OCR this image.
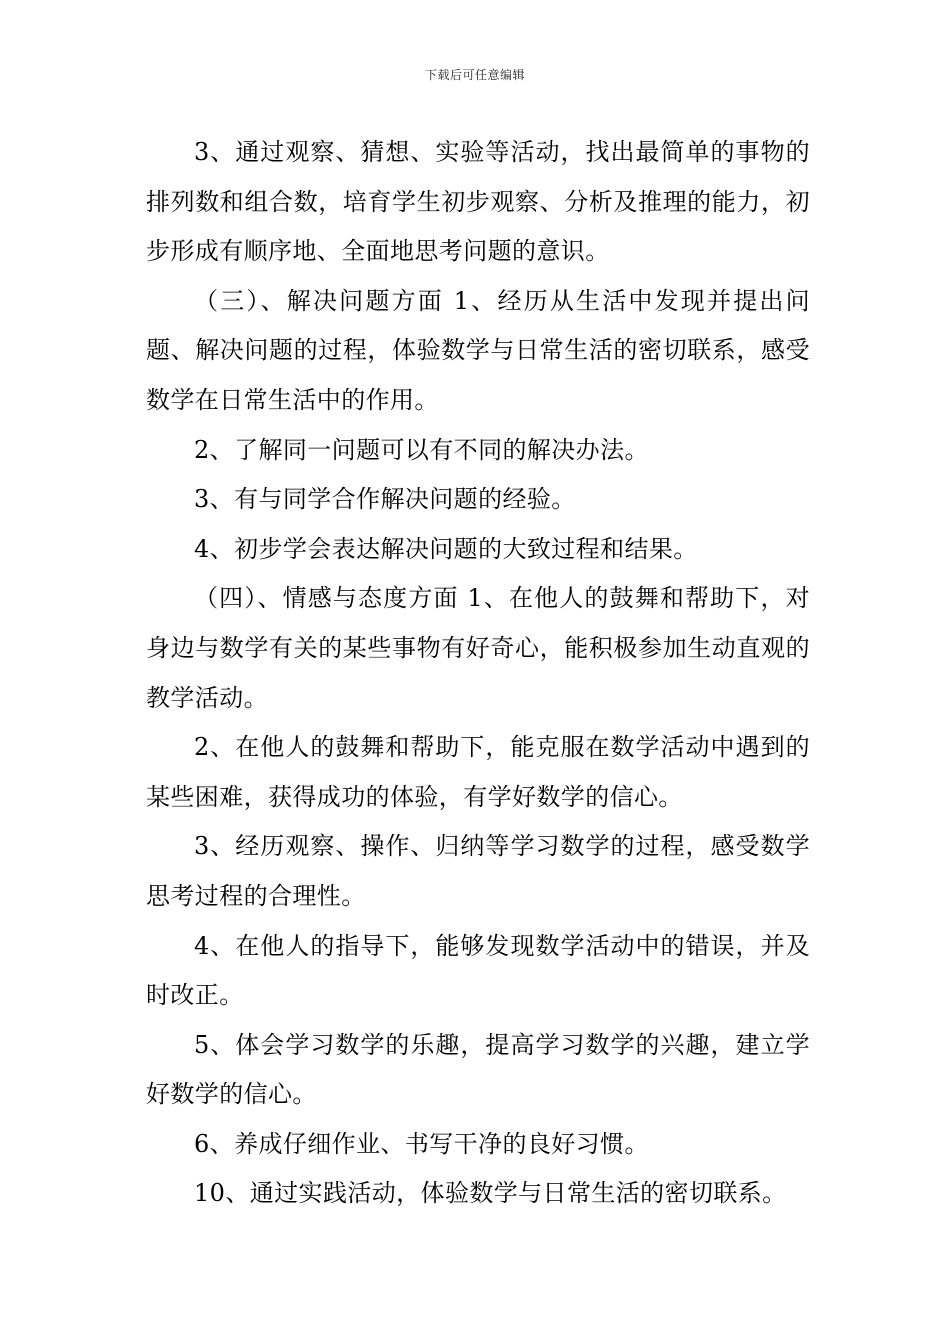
下载后可任意编辑

3、通过观察、猜想、实验等活动，找出最简单的事物的排列数和组合数，培育学生初步观察、分析及推理的能力，初步形成有顺序地、全面地思考问题的意识。

（三）、解决问题方面 1、经历从生活中发现并提出问题、解决问题的过程，体验数学与日常生活的密切联系，感受数学在日常生活中的作用。

2、了解同一问题可以有不同的解决办法。

3、有与同学合作解决问题的经验。

4、初步学会表达解决问题的大致过程和结果。

（四）、情感与态度方面 1、在他人的鼓舞和帮助下，对身边与数学有关的某些事物有好奇心，能积极参加生动直观的教学活动。

2、在他人的鼓舞和帮助下，能克服在数学活动中遇到的某些困难，获得成功的体验，有学好数学的信心。

3、经历观察、操作、归纳等学习数学的过程，感受数学思考过程的合理性。

4、在他人的指导下，能够发现数学活动中的错误，并及时改正。

5、体会学习数学的乐趣，提高学习数学的兴趣，建立学好数学的信心。

6、养成仔细作业、书写干净的良好习惯。

10、通过实践活动，体验数学与日常生活的密切联系。
